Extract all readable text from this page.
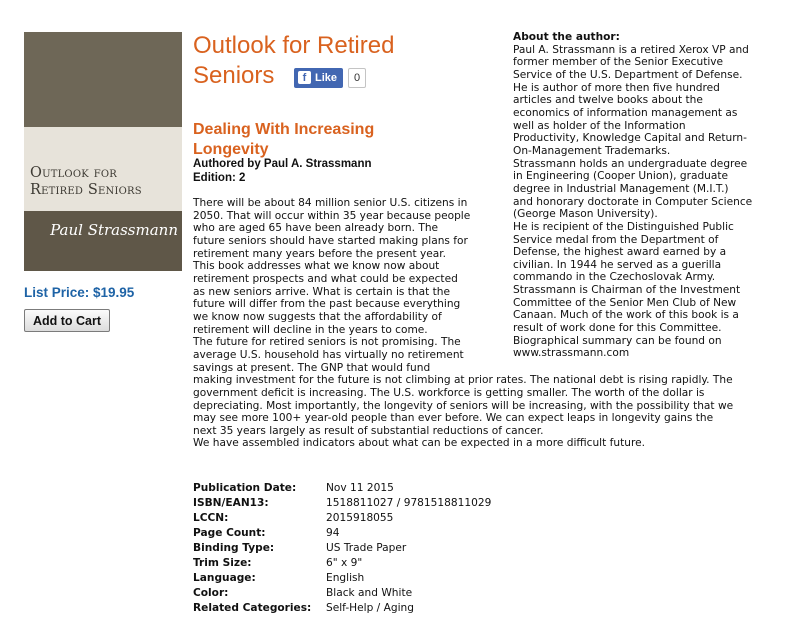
Outlook for
Retired Seniors
Paul Strassmann
List Price: $19.95
Add to Cart
Outlook for Retired
Seniors	f Like	0
Dealing With Increasing
Longevity
Authored by Paul A. Strassmann
Edition: 2
There will be about 84 million senior U.S. citizens in
2050. That will occur within 35 year because people
who are aged 65 have been already born. The
future seniors should have started making plans for
retirement many years before the present year.
This book addresses what we know now about
retirement prospects and what could be expected
as new seniors arrive. What is certain is that the
future will differ from the past because everything
we know now suggests that the affordability of
retirement will decline in the years to come.
The future for retired seniors is not promising. The
average U.S. household has virtually no retirement
savings at present. The GNP that would fund
making investment for the future is not climbing at prior rates. The national debt is rising rapidly. The
government deficit is increasing. The U.S. workforce is getting smaller. The worth of the dollar is
depreciating. Most importantly, the longevity of seniors will be increasing, with the possibility that we
may see more 100+ year-old people than ever before. We can expect leaps in longevity gains the
next 35 years largely as result of substantial reductions of cancer.
We have assembled indicators about what can be expected in a more difficult future.
About the author:
Paul A. Strassmann is a retired Xerox VP and
former member of the Senior Executive
Service of the U.S. Department of Defense.
He is author of more then five hundred
articles and twelve books about the
economics of information management as
well as holder of the Information
Productivity, Knowledge Capital and Return-
On-Management Trademarks.
Strassmann holds an undergraduate degree
in Engineering (Cooper Union), graduate
degree in Industrial Management (M.I.T.)
and honorary doctorate in Computer Science
(George Mason University).
He is recipient of the Distinguished Public
Service medal from the Department of
Defense, the highest award earned by a
civilian. In 1944 he served as a guerilla
commando in the Czechoslovak Army.
Strassmann is Chairman of the Investment
Committee of the Senior Men Club of New
Canaan. Much of the work of this book is a
result of work done for this Committee.
Biographical summary can be found on
www.strassmann.com
Publication Date:	Nov 11 2015
ISBN/EAN13:	1518811027 / 9781518811029
LCCN:	2015918055
Page Count:	94
Binding Type:	US Trade Paper
Trim Size:	6" x 9"
Language:	English
Color:	Black and White
Related Categories:	Self-Help / Aging
